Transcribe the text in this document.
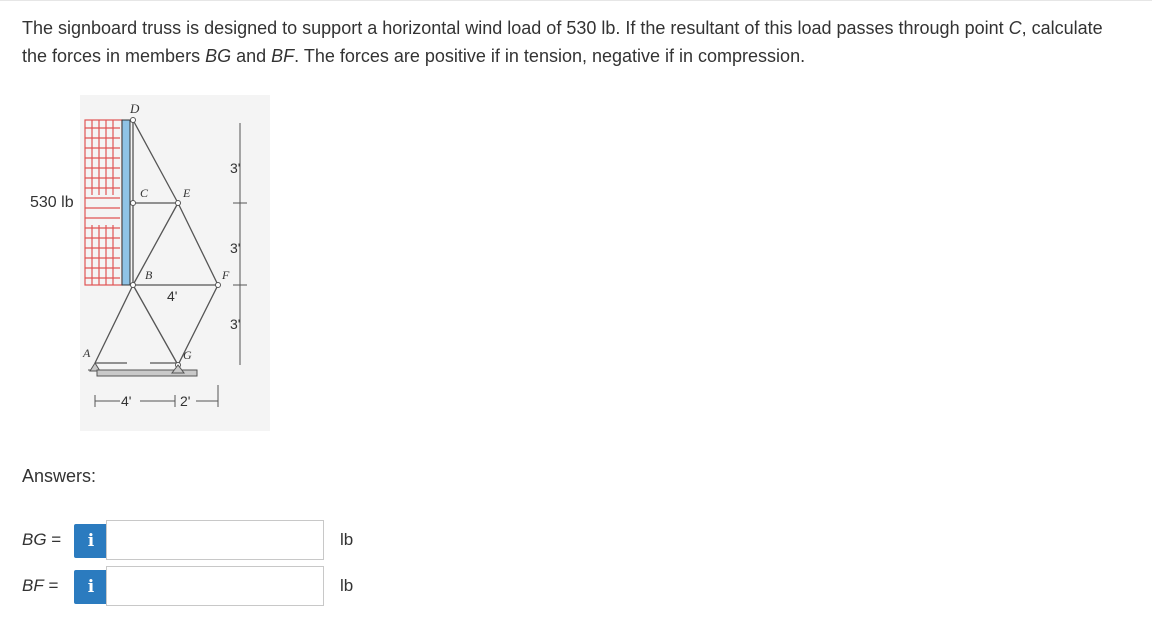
The signboard truss is designed to support a horizontal wind load of 530 lb. If the resultant of this load passes through point C, calculate the forces in members BG and BF. The forces are positive if in tension, negative if in compression.
D
C	E
B	F
G
A
530 lb
3'
3'
3'
4'
4'	2'
Answers:
BG =	i	lb
BF =	i	lb
